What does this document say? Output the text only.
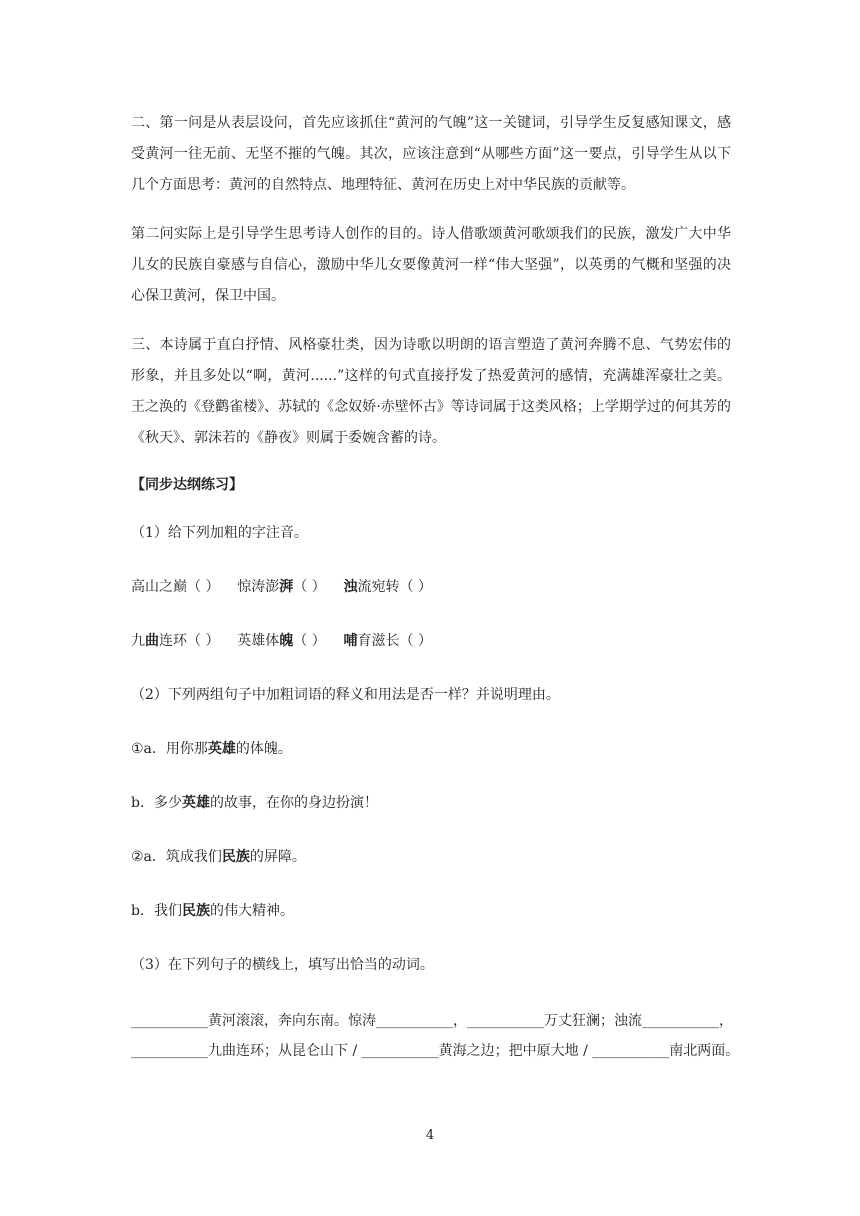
二、第一问是从表层设问，首先应该抓住“黄河的气魄”这一关键词，引导学生反复感知课文，感受黄河一往无前、无坚不摧的气魄。其次，应该注意到“从哪些方面”这一要点，引导学生从以下几个方面思考：黄河的自然特点、地理特征、黄河在历史上对中华民族的贡献等。

第二问实际上是引导学生思考诗人创作的目的。诗人借歌颂黄河歌颂我们的民族，激发广大中华儿女的民族自豪感与自信心，激励中华儿女要像黄河一样“伟大坚强”，以英勇的气概和坚强的决心保卫黄河，保卫中国。

三、本诗属于直白抒情、风格豪壮类，因为诗歌以明朗的语言塑造了黄河奔腾不息、气势宏伟的形象，并且多处以“啊，黄河......”这样的句式直接抒发了热爱黄河的感情，充满雄浑豪壮之美。王之涣的《登鹳雀楼》、苏轼的《念奴娇·赤壁怀古》等诗词属于这类风格；上学期学过的何其芳的《秋天》、郭沫若的《静夜》则属于委婉含蓄的诗。

【同步达纲练习】
（1）给下列加粗的字注音。
高山之巅（ ） 惊涛澎湃（ ） 浊流宛转（ ）
九曲连环（ ） 英雄体魄（ ） 哺育滋长（ ）
（2）下列两组句子中加粗词语的释义和用法是否一样？并说明理由。
①a．用你那英雄的体魄。
b．多少英雄的故事，在你的身边扮演！
②a．筑成我们民族的屏障。
b．我们民族的伟大精神。
（3）在下列句子的横线上，填写出恰当的动词。
___________黄河滚滚，奔向东南。惊涛___________，___________万丈狂澜；浊流___________，
___________九曲连环；从昆仑山下 / ___________黄海之边；把中原大地 / ___________南北两面。
4
